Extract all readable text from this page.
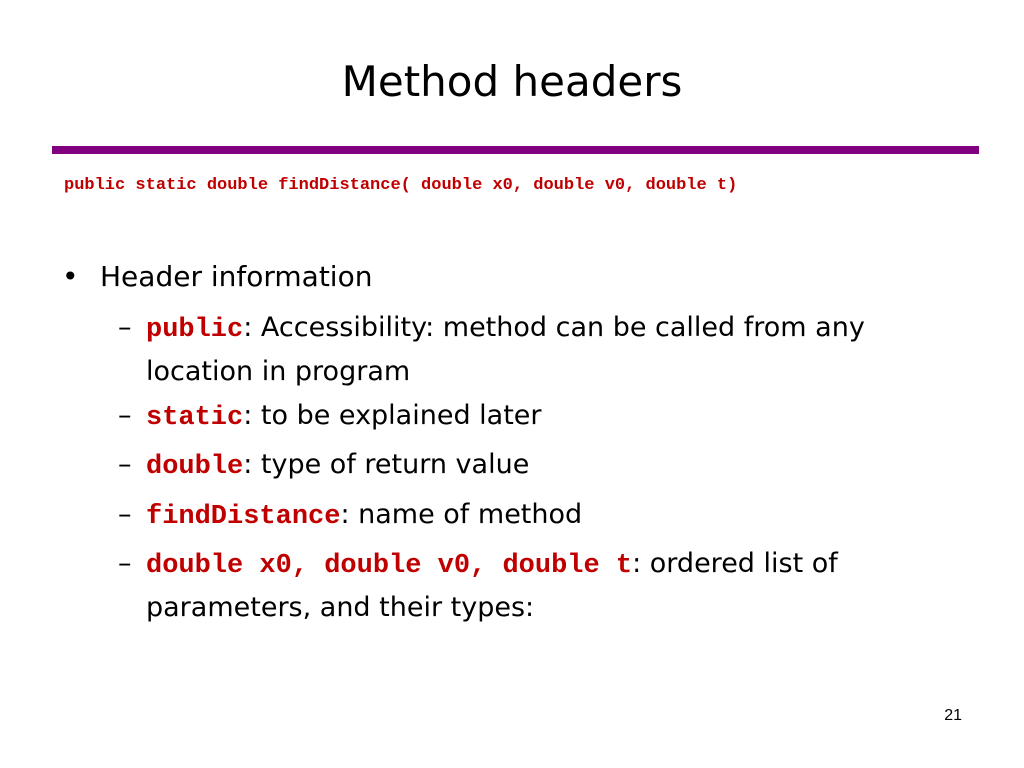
Method headers
public static double findDistance( double x0, double v0, double t)
• Header information
– public: Accessibility: method can be called from any location in program
– static: to be explained later
– double: type of return value
– findDistance: name of method
– double x0, double v0, double t: ordered list of parameters, and their types:
21
